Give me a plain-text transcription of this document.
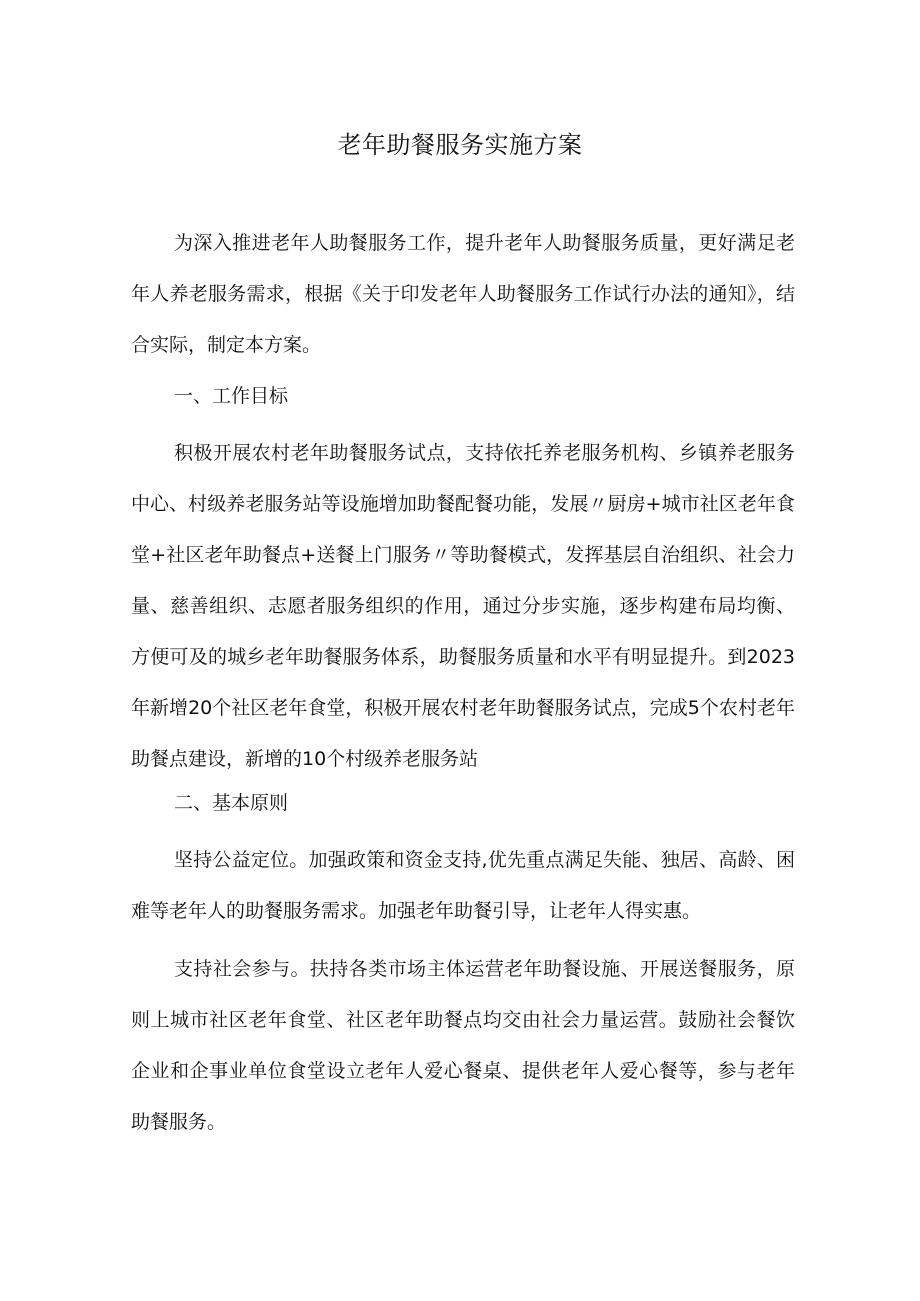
老年助餐服务实施方案

为深入推进老年人助餐服务工作，提升老年人助餐服务质量，更好满足老年人养老服务需求，根据《关于印发老年人助餐服务工作试行办法的通知》，结合实际，制定本方案。

一、工作目标

积极开展农村老年助餐服务试点，支持依托养老服务机构、乡镇养老服务中心、村级养老服务站等设施增加助餐配餐功能，发展〃厨房+城市社区老年食堂+社区老年助餐点+送餐上门服务〃等助餐模式，发挥基层自治组织、社会力量、慈善组织、志愿者服务组织的作用，通过分步实施，逐步构建布局均衡、方便可及的城乡老年助餐服务体系，助餐服务质量和水平有明显提升。到2023年新增20个社区老年食堂，积极开展农村老年助餐服务试点，完成5个农村老年助餐点建设，新增的10个村级养老服务站

二、基本原则

坚持公益定位。加强政策和资金支持,优先重点满足失能、独居、高龄、困难等老年人的助餐服务需求。加强老年助餐引导，让老年人得实惠。

支持社会参与。扶持各类市场主体运营老年助餐设施、开展送餐服务，原则上城市社区老年食堂、社区老年助餐点均交由社会力量运营。鼓励社会餐饮企业和企事业单位食堂设立老年人爱心餐桌、提供老年人爱心餐等，参与老年助餐服务。
